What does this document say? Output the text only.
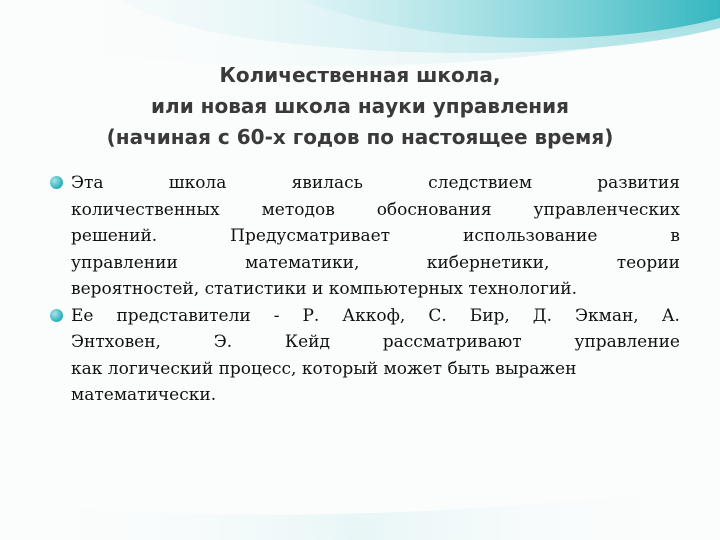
Количественная школа,
или новая школа науки управления
(начиная с 60-х годов по настоящее время)
Эта	школа	явилась	следствием	развития
количественных методов обоснования управленческих
решений.	Предусматривает	использование	в
управлении	математики,	кибернетики,	теории
вероятностей, статистики и компьютерных технологий.
Ее представители - Р. Аккоф, С. Бир, Д. Экман, А.
Энтховен,	Э.	Кейд	рассматривают	управление
как логический процесс, который может быть выражен
математически.
